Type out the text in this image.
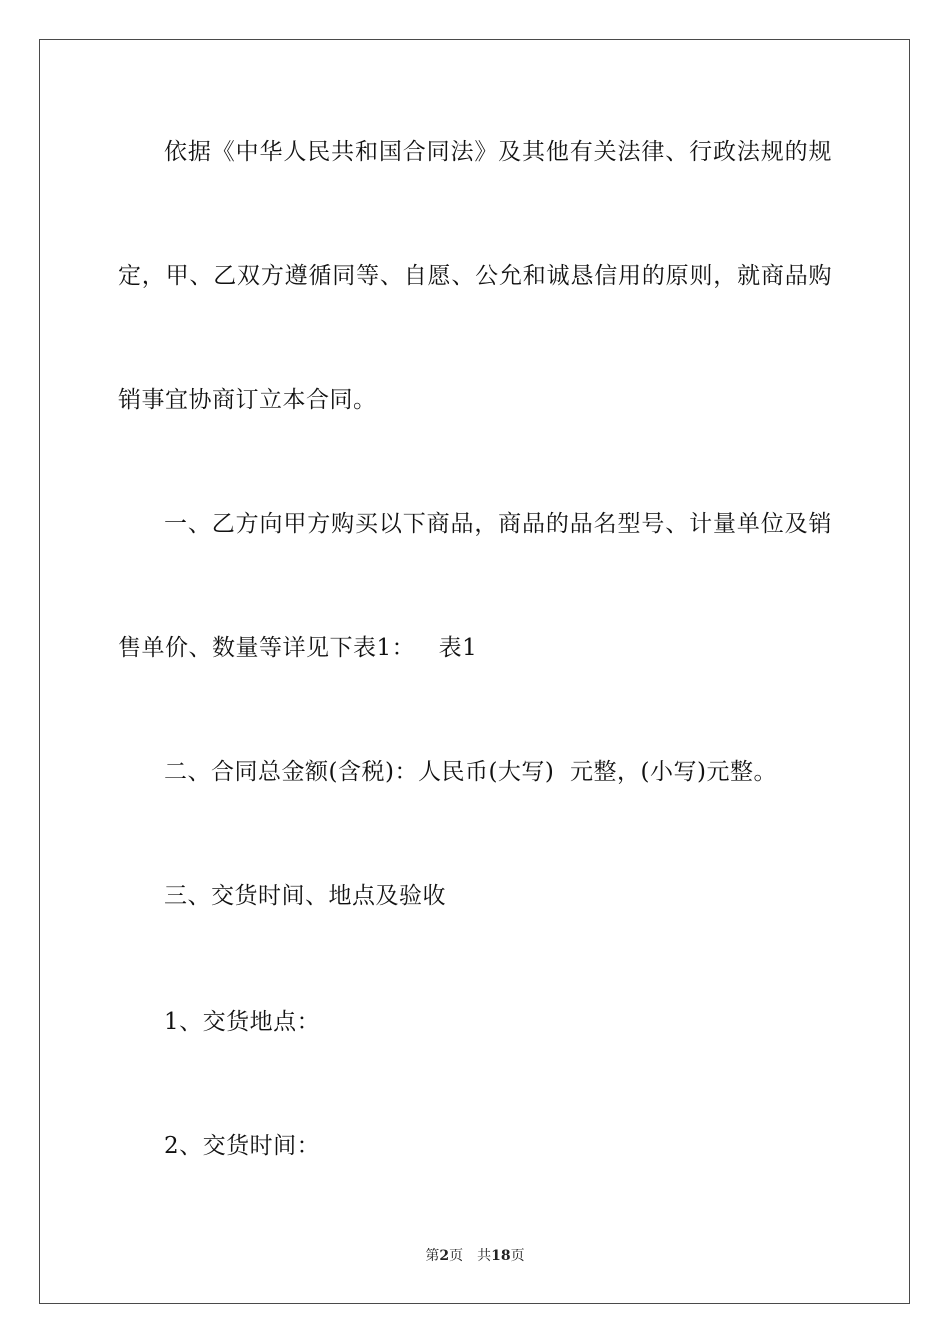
依据《中华人民共和国合同法》及其他有关法律、行政法规的规
定，甲、乙双方遵循同等、自愿、公允和诚恳信用的原则，就商品购
销事宜协商订立本合同。
一、乙方向甲方购买以下商品，商品的品名型号、计量单位及销
售单价、数量等详见下表1：   表1
二、合同总金额(含税)：人民币(大写)  元整，(小写)元整。
三、交货时间、地点及验收
1、交货地点：
2、交货时间：
第2页 共18页
